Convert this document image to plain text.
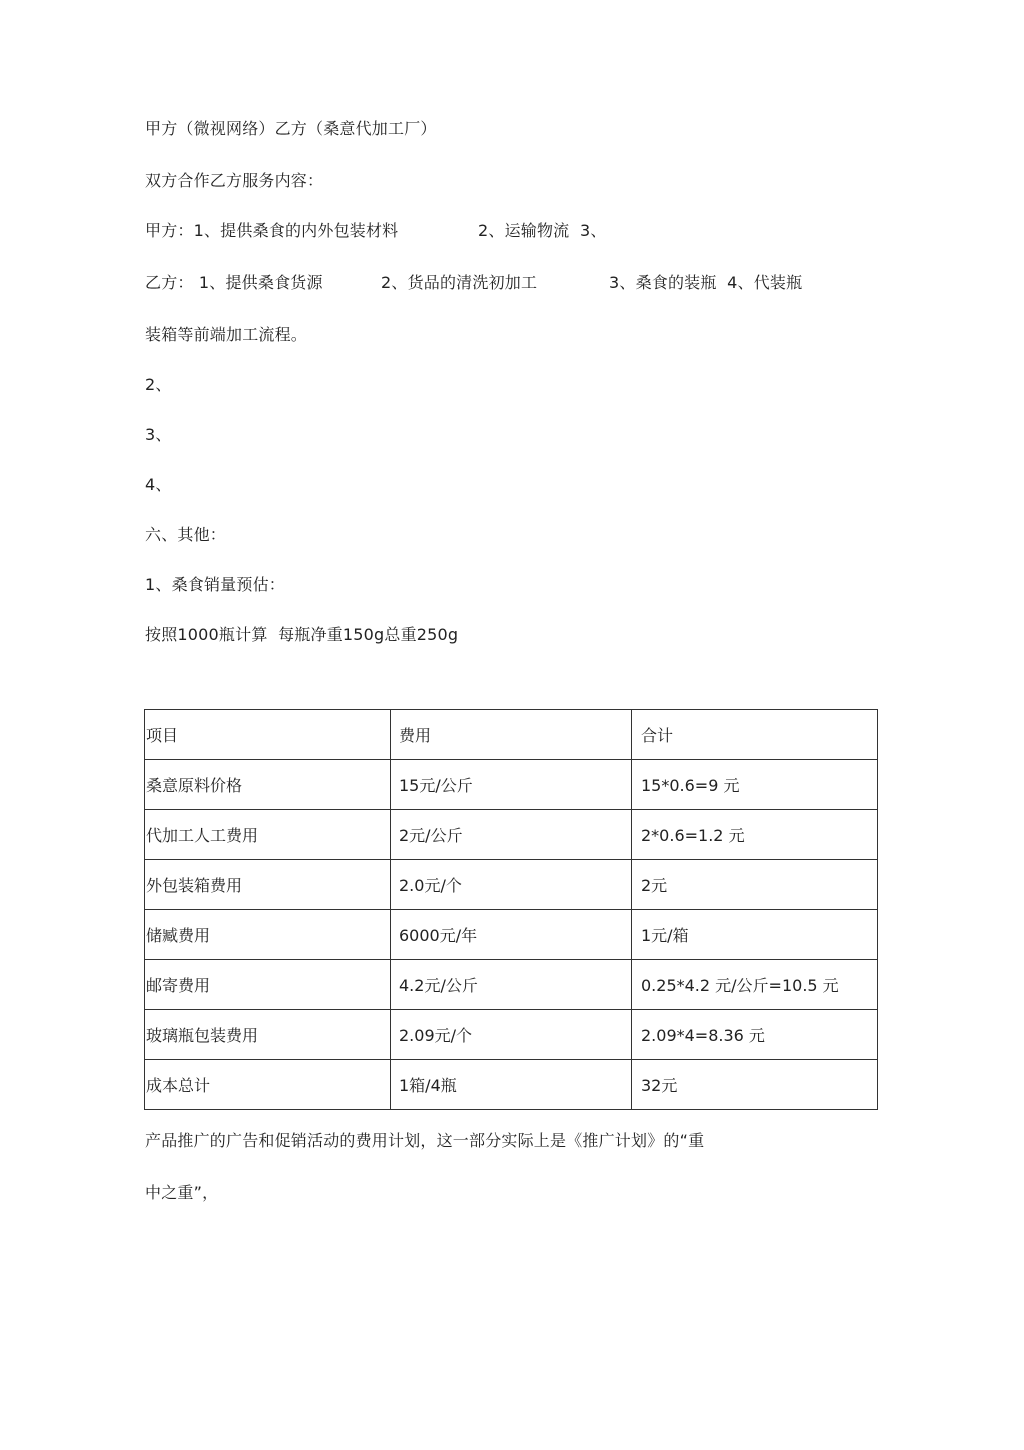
甲方（微视网络）乙方（桑意代加工厂）
双方合作乙方服务内容：

甲方：1、提供桑食的内外包装材料

	2、运输物流  3、

乙方： 1、提供桑食货源

	2、货品的清洗初加工

	3、桑食的装瓶  4、代装瓶

装箱等前端加工流程。
2、
3、
4、
六、其他：
1、桑食销量预估：
按照1000瓶计算  每瓶净重150g总重250g
项目	费用	合计
桑意原料价格	15元/公斤	15*0.6=9 元
代加工人工费用	2元/公斤	2*0.6=1.2 元
外包装箱费用	2.0元/个	2元
储臧费用	6000元/年	1元/箱
邮寄费用	4.2元/公斤	0.25*4.2 元/公斤=10.5 元
玻璃瓶包装费用	2.09元/个	2.09*4=8.36 元
成本总计	1箱/4瓶	32元
产品推广的广告和促销活动的费用计划，这一部分实际上是《推广计划》的“重
中之重”，
